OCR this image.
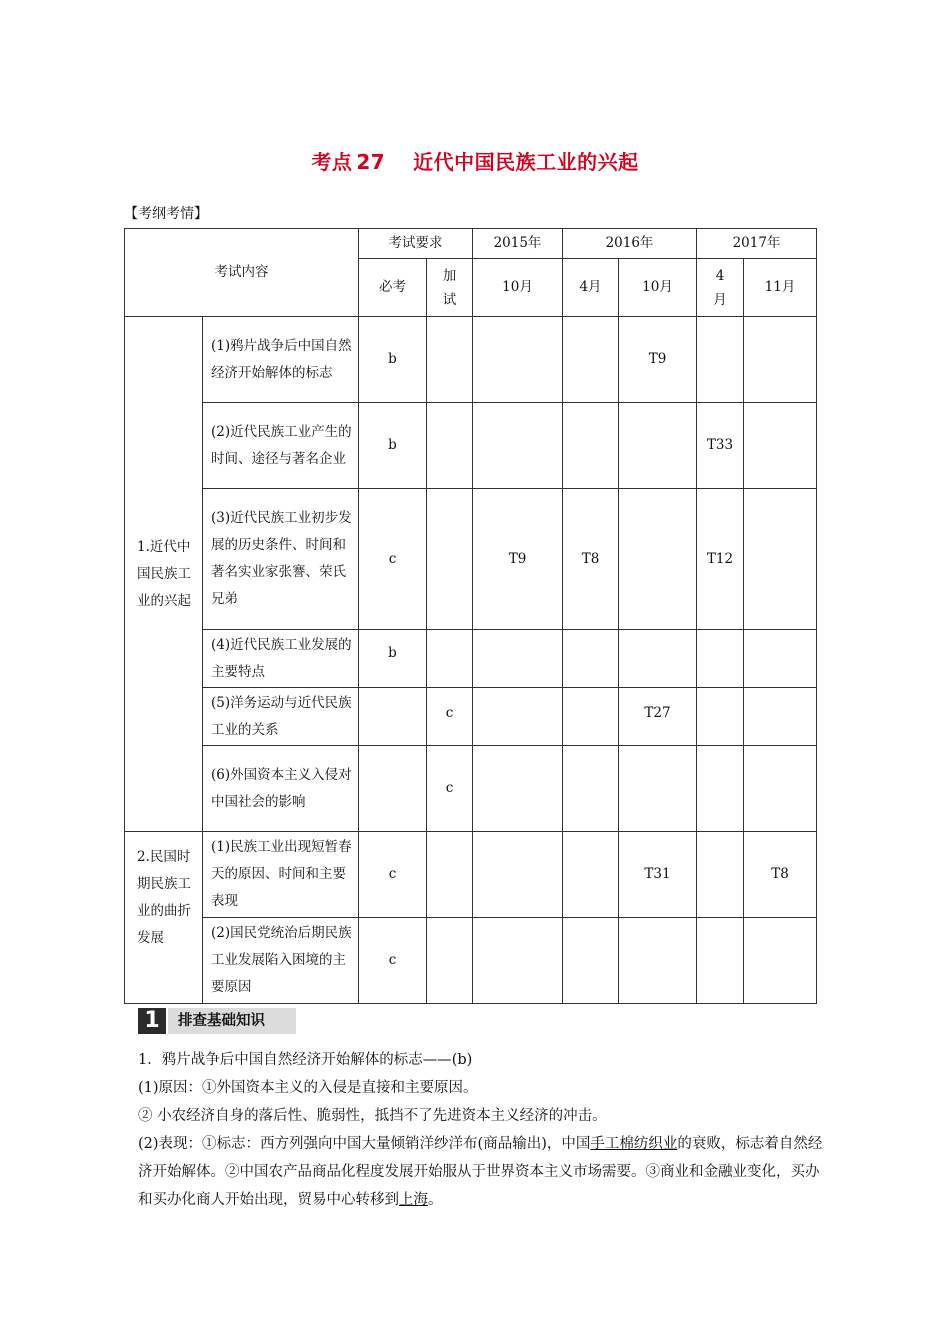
考点 27 近代中国民族工业的兴起
【考纲考情】
考试内容		考试要求		2015年	2016年		2017年	
		必考	加试	10月	4月	10月	4月	11月
1.近代中国民族工业的兴起	(1)鸦片战争后中国自然经济开始解体的标志	b				T9		
	(2)近代民族工业产生的时间、途径与著名企业	b					T33	
	(3)近代民族工业初步发展的历史条件、时间和著名实业家张謇、荣氏兄弟	c		T9	T8		T12	
	(4)近代民族工业发展的主要特点	b						
	(5)洋务运动与近代民族工业的关系		c			T27		
	(6)外国资本主义入侵对中国社会的影响		c					
2.民国时期民族工业的曲折发展	(1)民族工业出现短暂春天的原因、时间和主要表现	c				T31		T8
	(2)国民党统治后期民族工业发展陷入困境的主要原因	c						
1	排查基础知识

1．鸦片战争后中国自然经济开始解体的标志——(b)

(1)原因：①外国资本主义的入侵是直接和主要原因。

② 小农经济自身的落后性、脆弱性，抵挡不了先进资本主义经济的冲击。

(2)表现：①标志：西方列强向中国大量倾销洋纱洋布(商品输出)，中国手工棉纺织业的衰败，标志着自然经济开始解体。②中国农产品商品化程度发展开始服从于世界资本主义市场需要。③商业和金融业变化，买办和买办化商人开始出现，贸易中心转移到上海。
